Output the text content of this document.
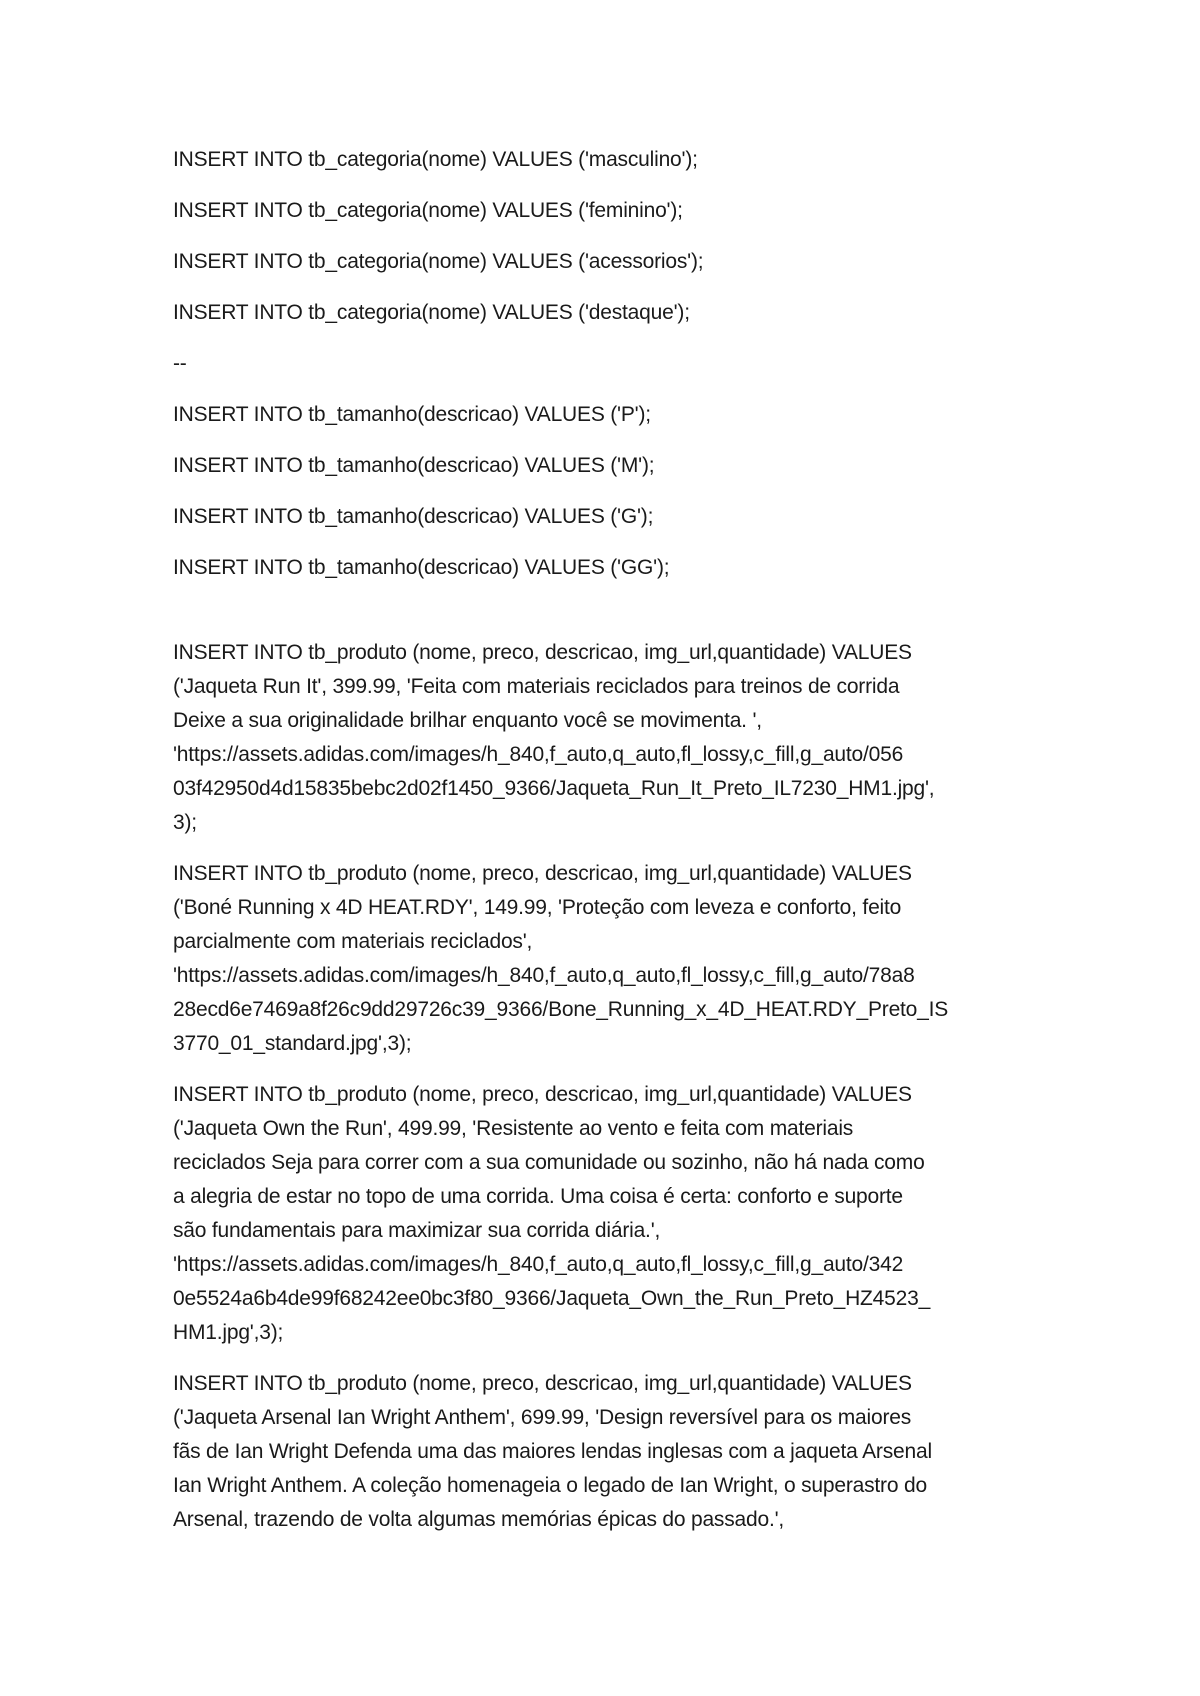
INSERT INTO tb_categoria(nome) VALUES ('masculino');

INSERT INTO tb_categoria(nome) VALUES ('feminino');

INSERT INTO tb_categoria(nome) VALUES ('acessorios');

INSERT INTO tb_categoria(nome) VALUES ('destaque');

--

INSERT INTO tb_tamanho(descricao) VALUES ('P');

INSERT INTO tb_tamanho(descricao) VALUES ('M');

INSERT INTO tb_tamanho(descricao) VALUES ('G');

INSERT INTO tb_tamanho(descricao) VALUES ('GG');

INSERT INTO tb_produto (nome, preco, descricao, img_url,quantidade) VALUES

('Jaqueta Run It', 399.99, 'Feita com materiais reciclados para treinos de corrida

Deixe a sua originalidade brilhar enquanto você se movimenta. ',

'https://assets.adidas.com/images/h_840,f_auto,q_auto,fl_lossy,c_fill,g_auto/056

03f42950d4d15835bebc2d02f1450_9366/Jaqueta_Run_It_Preto_IL7230_HM1.jpg',

3);

INSERT INTO tb_produto (nome, preco, descricao, img_url,quantidade) VALUES

('Boné Running x 4D HEAT.RDY', 149.99, 'Proteção com leveza e conforto, feito

parcialmente com materiais reciclados',

'https://assets.adidas.com/images/h_840,f_auto,q_auto,fl_lossy,c_fill,g_auto/78a8

28ecd6e7469a8f26c9dd29726c39_9366/Bone_Running_x_4D_HEAT.RDY_Preto_IS

3770_01_standard.jpg',3);

INSERT INTO tb_produto (nome, preco, descricao, img_url,quantidade) VALUES

('Jaqueta Own the Run', 499.99, 'Resistente ao vento e feita com materiais

reciclados Seja para correr com a sua comunidade ou sozinho, não há nada como

a alegria de estar no topo de uma corrida. Uma coisa é certa: conforto e suporte

são fundamentais para maximizar sua corrida diária.',

'https://assets.adidas.com/images/h_840,f_auto,q_auto,fl_lossy,c_fill,g_auto/342

0e5524a6b4de99f68242ee0bc3f80_9366/Jaqueta_Own_the_Run_Preto_HZ4523_

HM1.jpg',3);

INSERT INTO tb_produto (nome, preco, descricao, img_url,quantidade) VALUES

('Jaqueta Arsenal Ian Wright Anthem', 699.99, 'Design reversível para os maiores

fãs de Ian Wright Defenda uma das maiores lendas inglesas com a jaqueta Arsenal

Ian Wright Anthem. A coleção homenageia o legado de Ian Wright, o superastro do

Arsenal, trazendo de volta algumas memórias épicas do passado.',
